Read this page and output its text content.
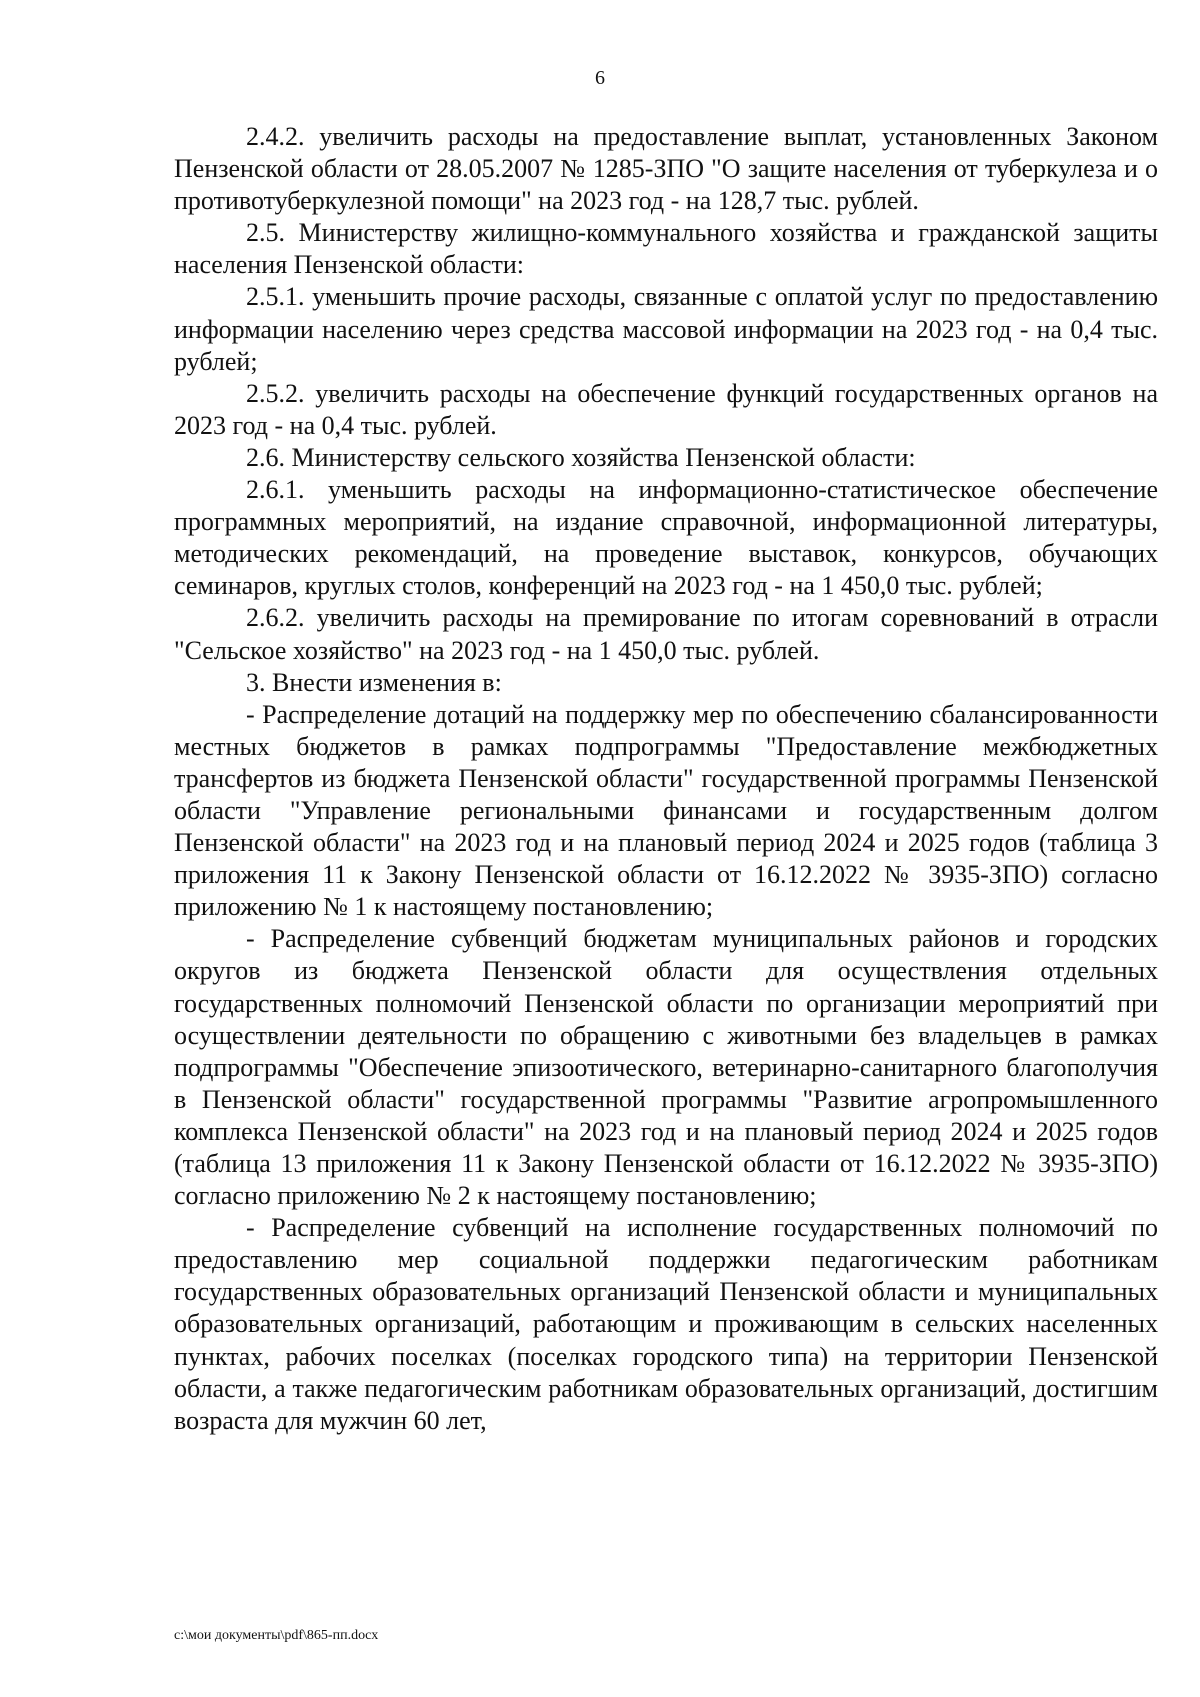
6

2.4.2. увеличить расходы на предоставление выплат, установленных Законом Пензенской области от 28.05.2007 № 1285-ЗПО "О защите населения от туберкулеза и о противотуберкулезной помощи" на 2023 год - на 128,7 тыс. рублей.

2.5. Министерству жилищно-коммунального хозяйства и гражданской защиты населения Пензенской области:

2.5.1. уменьшить прочие расходы, связанные с оплатой услуг по предоставлению информации населению через средства массовой информации на 2023 год - на 0,4 тыс. рублей;

2.5.2. увеличить расходы на обеспечение функций государственных органов на 2023 год - на 0,4 тыс. рублей.

2.6. Министерству сельского хозяйства Пензенской области:

2.6.1. уменьшить расходы на информационно-статистическое обеспечение программных мероприятий, на издание справочной, информационной литературы, методических рекомендаций, на проведение выставок, конкурсов, обучающих семинаров, круглых столов, конференций на 2023 год - на 1 450,0 тыс. рублей;

2.6.2. увеличить расходы на премирование по итогам соревнований в отрасли "Сельское хозяйство" на 2023 год - на 1 450,0 тыс. рублей.

3. Внести изменения в:

- Распределение дотаций на поддержку мер по обеспечению сбалансированности местных бюджетов в рамках подпрограммы "Предоставление межбюджетных трансфертов из бюджета Пензенской области" государственной программы Пензенской области "Управление региональными финансами и государственным долгом Пензенской области" на 2023 год и на плановый период 2024 и 2025 годов (таблица 3 приложения 11 к Закону Пензенской области от 16.12.2022 № 3935-ЗПО) согласно приложению № 1 к настоящему постановлению;

- Распределение субвенций бюджетам муниципальных районов и городских округов из бюджета Пензенской области для осуществления отдельных государственных полномочий Пензенской области по организации мероприятий при осуществлении деятельности по обращению с животными без владельцев в рамках подпрограммы "Обеспечение эпизоотического, ветеринарно-санитарного благополучия в Пензенской области" государственной программы "Развитие агропромышленного комплекса Пензенской области" на 2023 год и на плановый период 2024 и 2025 годов (таблица 13 приложения 11 к Закону Пензенской области от 16.12.2022 № 3935-ЗПО) согласно приложению № 2 к настоящему постановлению;

- Распределение субвенций на исполнение государственных полномочий по предоставлению мер социальной поддержки педагогическим работникам государственных образовательных организаций Пензенской области и муниципальных образовательных организаций, работающим и проживающим в сельских населенных пунктах, рабочих поселках (поселках городского типа) на территории Пензенской области, а также педагогическим работникам образовательных организаций, достигшим возраста для мужчин 60 лет,

c:\мои документы\pdf\865-пп.docx
